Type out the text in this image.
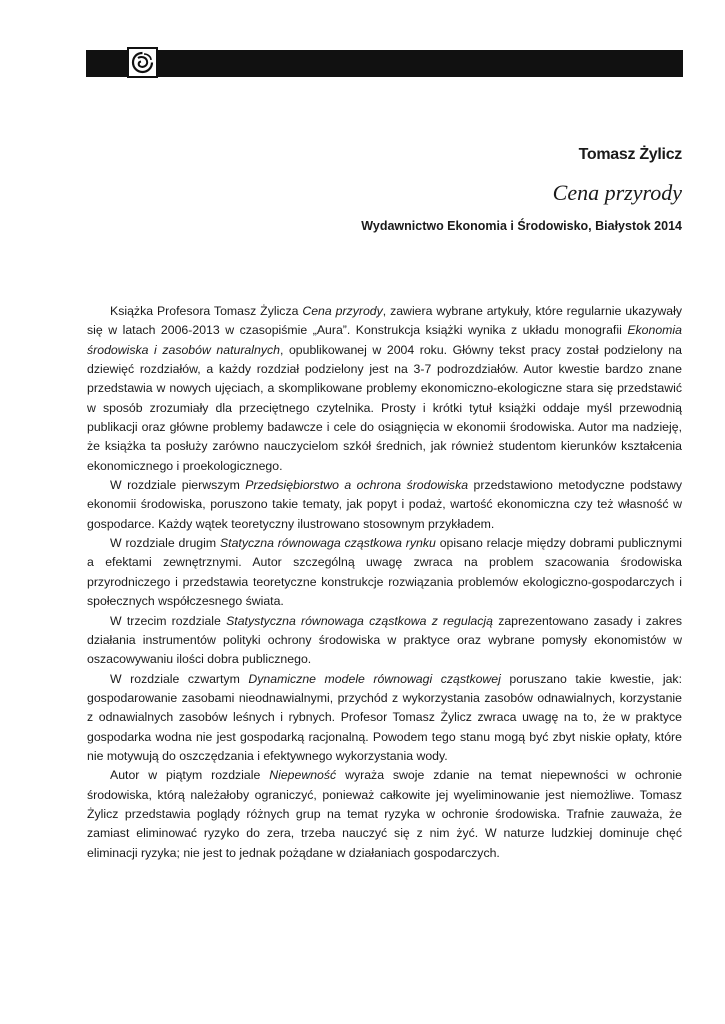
Ekonomia i Środowisko • 1 (52) • 2015
Tomasz Żylicz
Cena przyrody
Wydawnictwo Ekonomia i Środowisko, Białystok 2014

Książka Profesora Tomasz Żylicza Cena przyrody, zawiera wybrane artykuły, które regularnie ukazywały się w latach 2006-2013 w czasopiśmie „Aura”. Konstrukcja książki wynika z układu monografii Ekonomia środowiska i zasobów naturalnych, opublikowanej w 2004 roku. Główny tekst pracy został podzielony na dziewięć rozdziałów, a każdy rozdział podzielony jest na 3-7 podrozdziałów. Autor kwestie bardzo znane przedstawia w nowych ujęciach, a skomplikowane problemy ekonomiczno-ekologiczne stara się przedstawić w sposób zrozumiały dla przeciętnego czytelnika. Prosty i krótki tytuł książki oddaje myśl przewodnią publikacji oraz główne problemy badawcze i cele do osiągnięcia w ekonomii środowiska. Autor ma nadzieję, że książka ta posłuży zarówno nauczycielom szkół średnich, jak również studentom kierunków kształcenia ekonomicznego i proekologicznego.

W rozdziale pierwszym Przedsiębiorstwo a ochrona środowiska przedstawiono metodyczne podstawy ekonomii środowiska, poruszono takie tematy, jak popyt i podaż, wartość ekonomiczna czy też własność w gospodarce. Każdy wątek teoretyczny ilustrowano stosownym przykładem.

W rozdziale drugim Statyczna równowaga cząstkowa rynku opisano relacje między dobrami publicznymi a efektami zewnętrznymi. Autor szczególną uwagę zwraca na problem szacowania środowiska przyrodniczego i przedstawia teoretyczne konstrukcje rozwiązania problemów ekologiczno-gospodarczych i społecznych współczesnego świata.

W trzecim rozdziale Statystyczna równowaga cząstkowa z regulacją zaprezentowano zasady i zakres działania instrumentów polityki ochrony środowiska w praktyce oraz wybrane pomysły ekonomistów w oszacowywaniu ilości dobra publicznego.

W rozdziale czwartym Dynamiczne modele równowagi cząstkowej poruszano takie kwestie, jak: gospodarowanie zasobami nieodnawialnymi, przychód z wykorzystania zasobów odnawialnych, korzystanie z odnawialnych zasobów leśnych i rybnych. Profesor Tomasz Żylicz zwraca uwagę na to, że w praktyce gospodarka wodna nie jest gospodarką racjonalną. Powodem tego stanu mogą być zbyt niskie opłaty, które nie motywują do oszczędzania i efektywnego wykorzystania wody.

Autor w piątym rozdziale Niepewność wyraża swoje zdanie na temat niepewności w ochronie środowiska, którą należałoby ograniczyć, ponieważ całkowite jej wyeliminowanie jest niemożliwe. Tomasz Żylicz przedstawia poglądy różnych grup na temat ryzyka w ochronie środowiska. Trafnie zauważa, że zamiast eliminować ryzyko do zera, trzeba nauczyć się z nim żyć. W naturze ludzkiej dominuje chęć eliminacji ryzyka; nie jest to jednak pożądane w działaniach gospodarczych.
